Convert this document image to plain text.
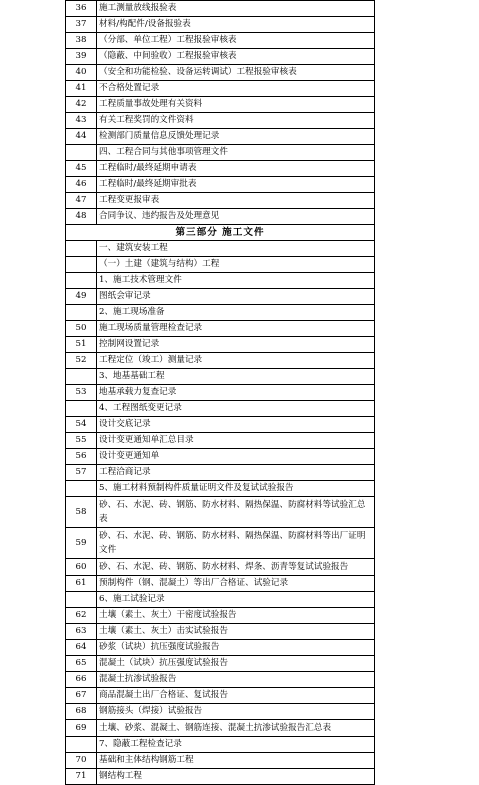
36	施工测量放线报验表
37	材料/构配件/设备报验表
38	（分部、单位工程）工程报验审核表
39	（隐蔽、中间验收）工程报验审核表
40	（安全和功能检验、设备运转调试）工程报验审核表
41	不合格处置记录
42	工程质量事故处理有关资料
43	有关工程奖罚的文件资料
44	检测部门质量信息反馈处理记录
	四、工程合同与其他事项管理文件
45	工程临时/最终延期申请表
46	工程临时/最终延期审批表
47	工程变更报审表
48	合同争议、违约报告及处理意见
第三部分 施工文件	
	一、建筑安装工程
	（一）土建（建筑与结构）工程
	1、施工技术管理文件
49	图纸会审记录
	2、施工现场准备
50	施工现场质量管理检查记录
51	控制网设置记录
52	工程定位（竣工）测量记录
	3、地基基础工程
53	地基承载力复查记录
	4、工程图纸变更记录
54	设计交底记录
55	设计变更通知单汇总目录
56	设计变更通知单
57	工程洽商记录
	5、施工材料预制构件质量证明文件及复试试验报告
58	砂、石、水泥、砖、钢筋、防水材料、隔热保温、防腐材料等试验汇总表
59	砂、石、水泥、砖、钢筋、防水材料、隔热保温、防腐材料等出厂证明文件
60	砂、石、水泥、砖、钢筋、防水材料、焊条、沥青等复试试验报告
61	预制构件（钢、混凝土）等出厂合格证、试验记录
	6、施工试验记录
62	土壤（素土、灰土）干密度试验报告
63	土壤（素土、灰土）击实试验报告
64	砂浆（试块）抗压强度试验报告
65	混凝土（试块）抗压强度试验报告
66	混凝土抗渗试验报告
67	商品混凝土出厂合格证、复试报告
68	钢筋接头（焊接）试验报告
69	土壤、砂浆、混凝土、钢筋连接、混凝土抗渗试验报告汇总表
	7、隐蔽工程检查记录
70	基础和主体结构钢筋工程
71	钢结构工程
